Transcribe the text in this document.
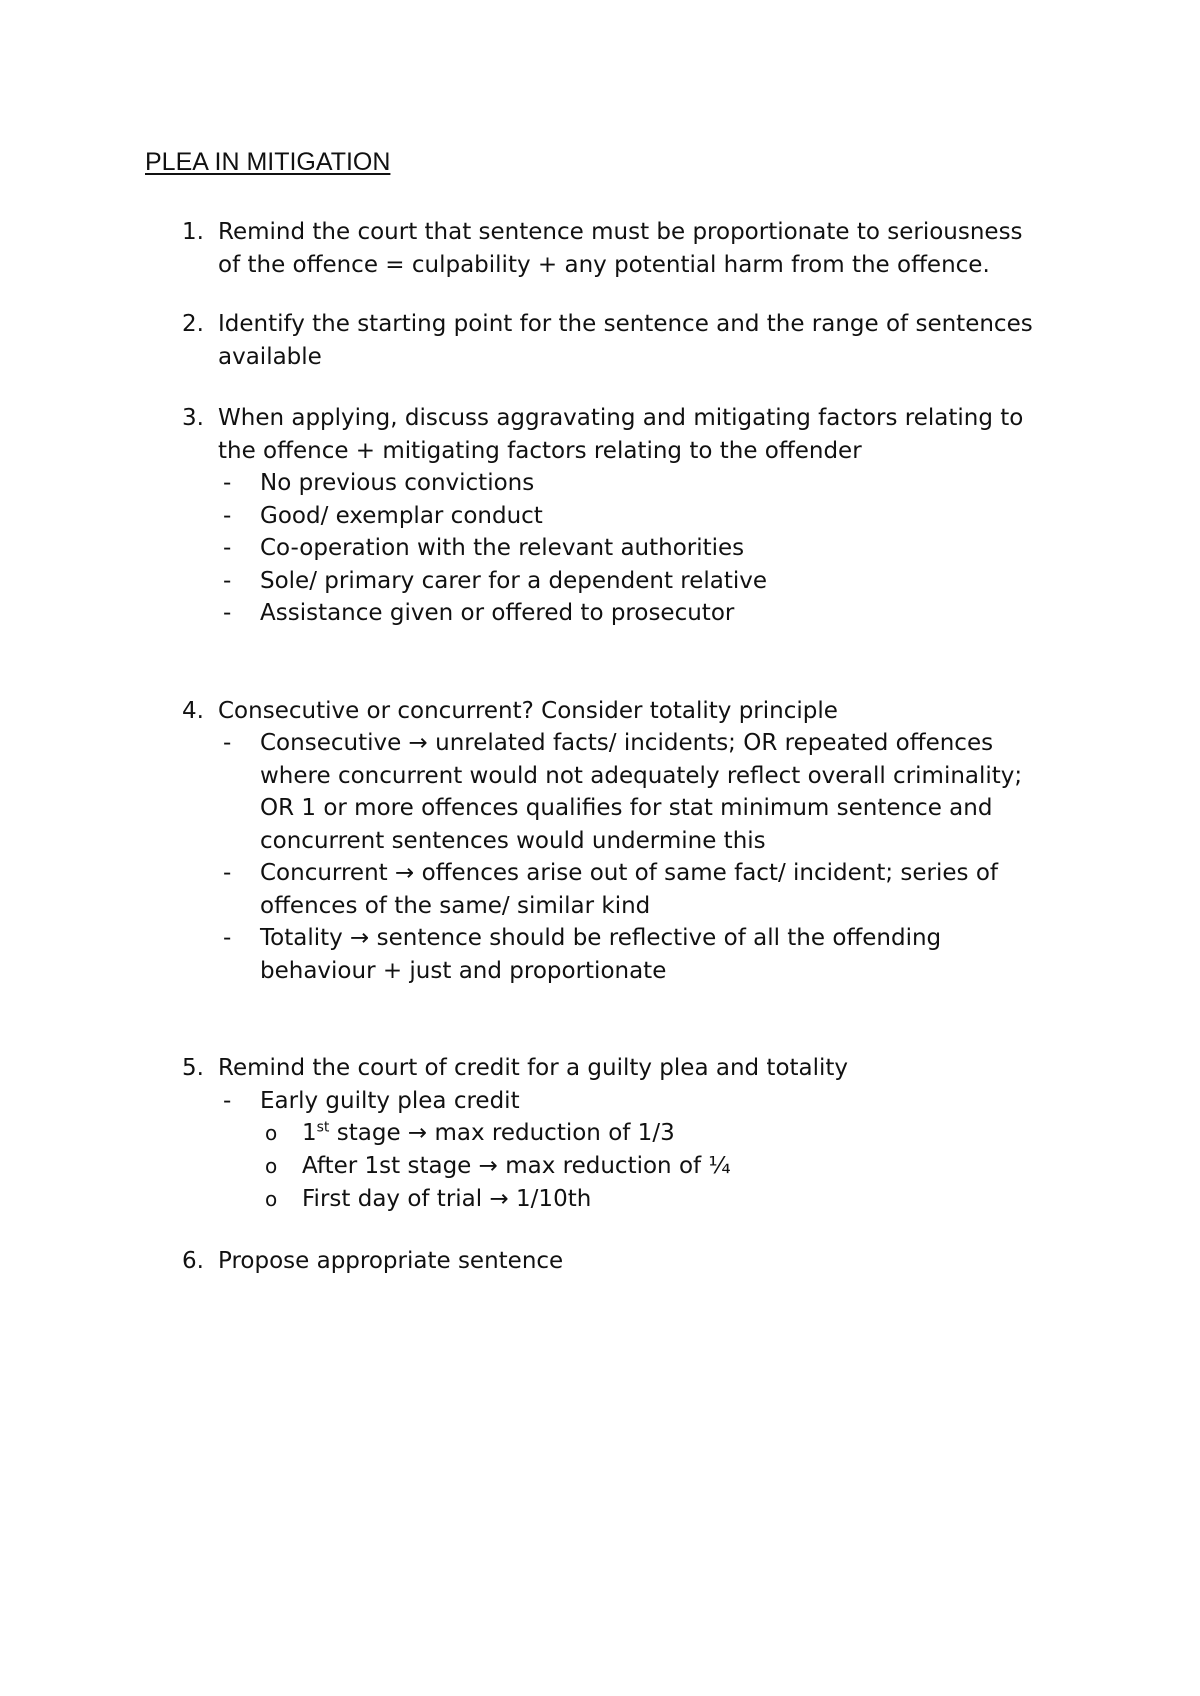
PLEA IN MITIGATION
1. Remind the court that sentence must be proportionate to seriousness of the offence = culpability + any potential harm from the offence.
2. Identify the starting point for the sentence and the range of sentences available
3. When applying, discuss aggravating and mitigating factors relating to the offence + mitigating factors relating to the offender
- No previous convictions
- Good/ exemplar conduct
- Co-operation with the relevant authorities
- Sole/ primary carer for a dependent relative
- Assistance given or offered to prosecutor
4. Consecutive or concurrent? Consider totality principle
- Consecutive → unrelated facts/ incidents; OR repeated offences where concurrent would not adequately reflect overall criminality; OR 1 or more offences qualifies for stat minimum sentence and concurrent sentences would undermine this
- Concurrent → offences arise out of same fact/ incident; series of offences of the same/ similar kind
- Totality → sentence should be reflective of all the offending behaviour + just and proportionate
5. Remind the court of credit for a guilty plea and totality
- Early guilty plea credit
o 1st stage → max reduction of 1/3
o After 1st stage → max reduction of ¼
o First day of trial → 1/10th
6. Propose appropriate sentence
